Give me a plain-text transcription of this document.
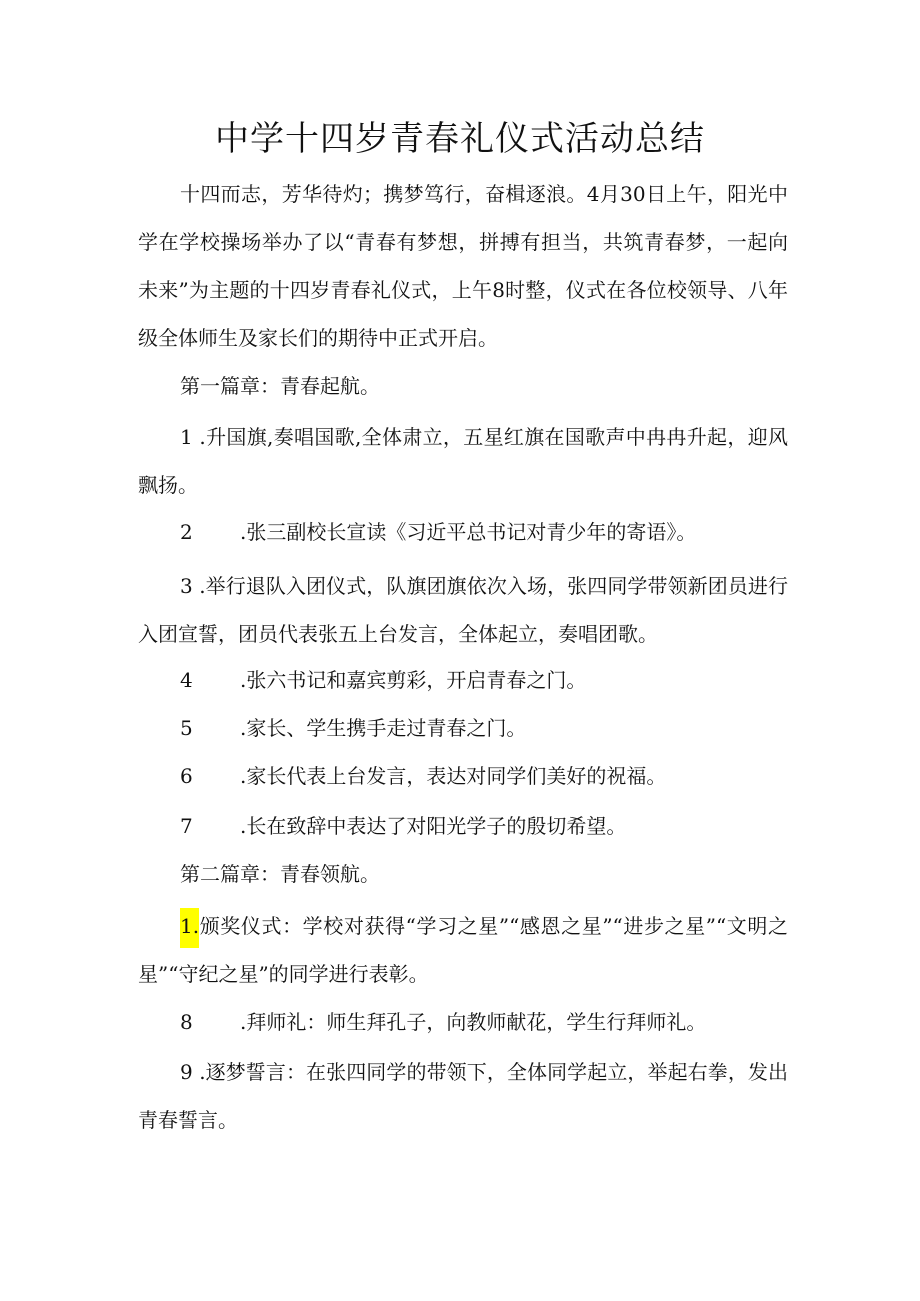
中学十四岁青春礼仪式活动总结
十四而志，芳华待灼；携梦笃行，奋楫逐浪。4月30日上午，阳光中学在学校操场举办了以“青春有梦想，拼搏有担当，共筑青春梦，一起向未来”为主题的十四岁青春礼仪式，上午8时整，仪式在各位校领导、八年级全体师生及家长们的期待中正式开启。
第一篇章：青春起航。
1 .升国旗,奏唱国歌,全体肃立，五星红旗在国歌声中冉冉升起，迎风飘扬。
2 .张三副校长宣读《习近平总书记对青少年的寄语》。
3 .举行退队入团仪式，队旗团旗依次入场，张四同学带领新团员进行入团宣誓，团员代表张五上台发言，全体起立，奏唱团歌。
4 .张六书记和嘉宾剪彩，开启青春之门。
5 .家长、学生携手走过青春之门。
6 .家长代表上台发言，表达对同学们美好的祝福。
7 .长在致辞中表达了对阳光学子的殷切希望。
第二篇章：青春领航。
1.颁奖仪式：学校对获得“学习之星”“感恩之星”“进步之星”“文明之星”“守纪之星”的同学进行表彰。
8 .拜师礼：师生拜孔子，向教师献花，学生行拜师礼。
9 .逐梦誓言：在张四同学的带领下，全体同学起立，举起右拳，发出青春誓言。
